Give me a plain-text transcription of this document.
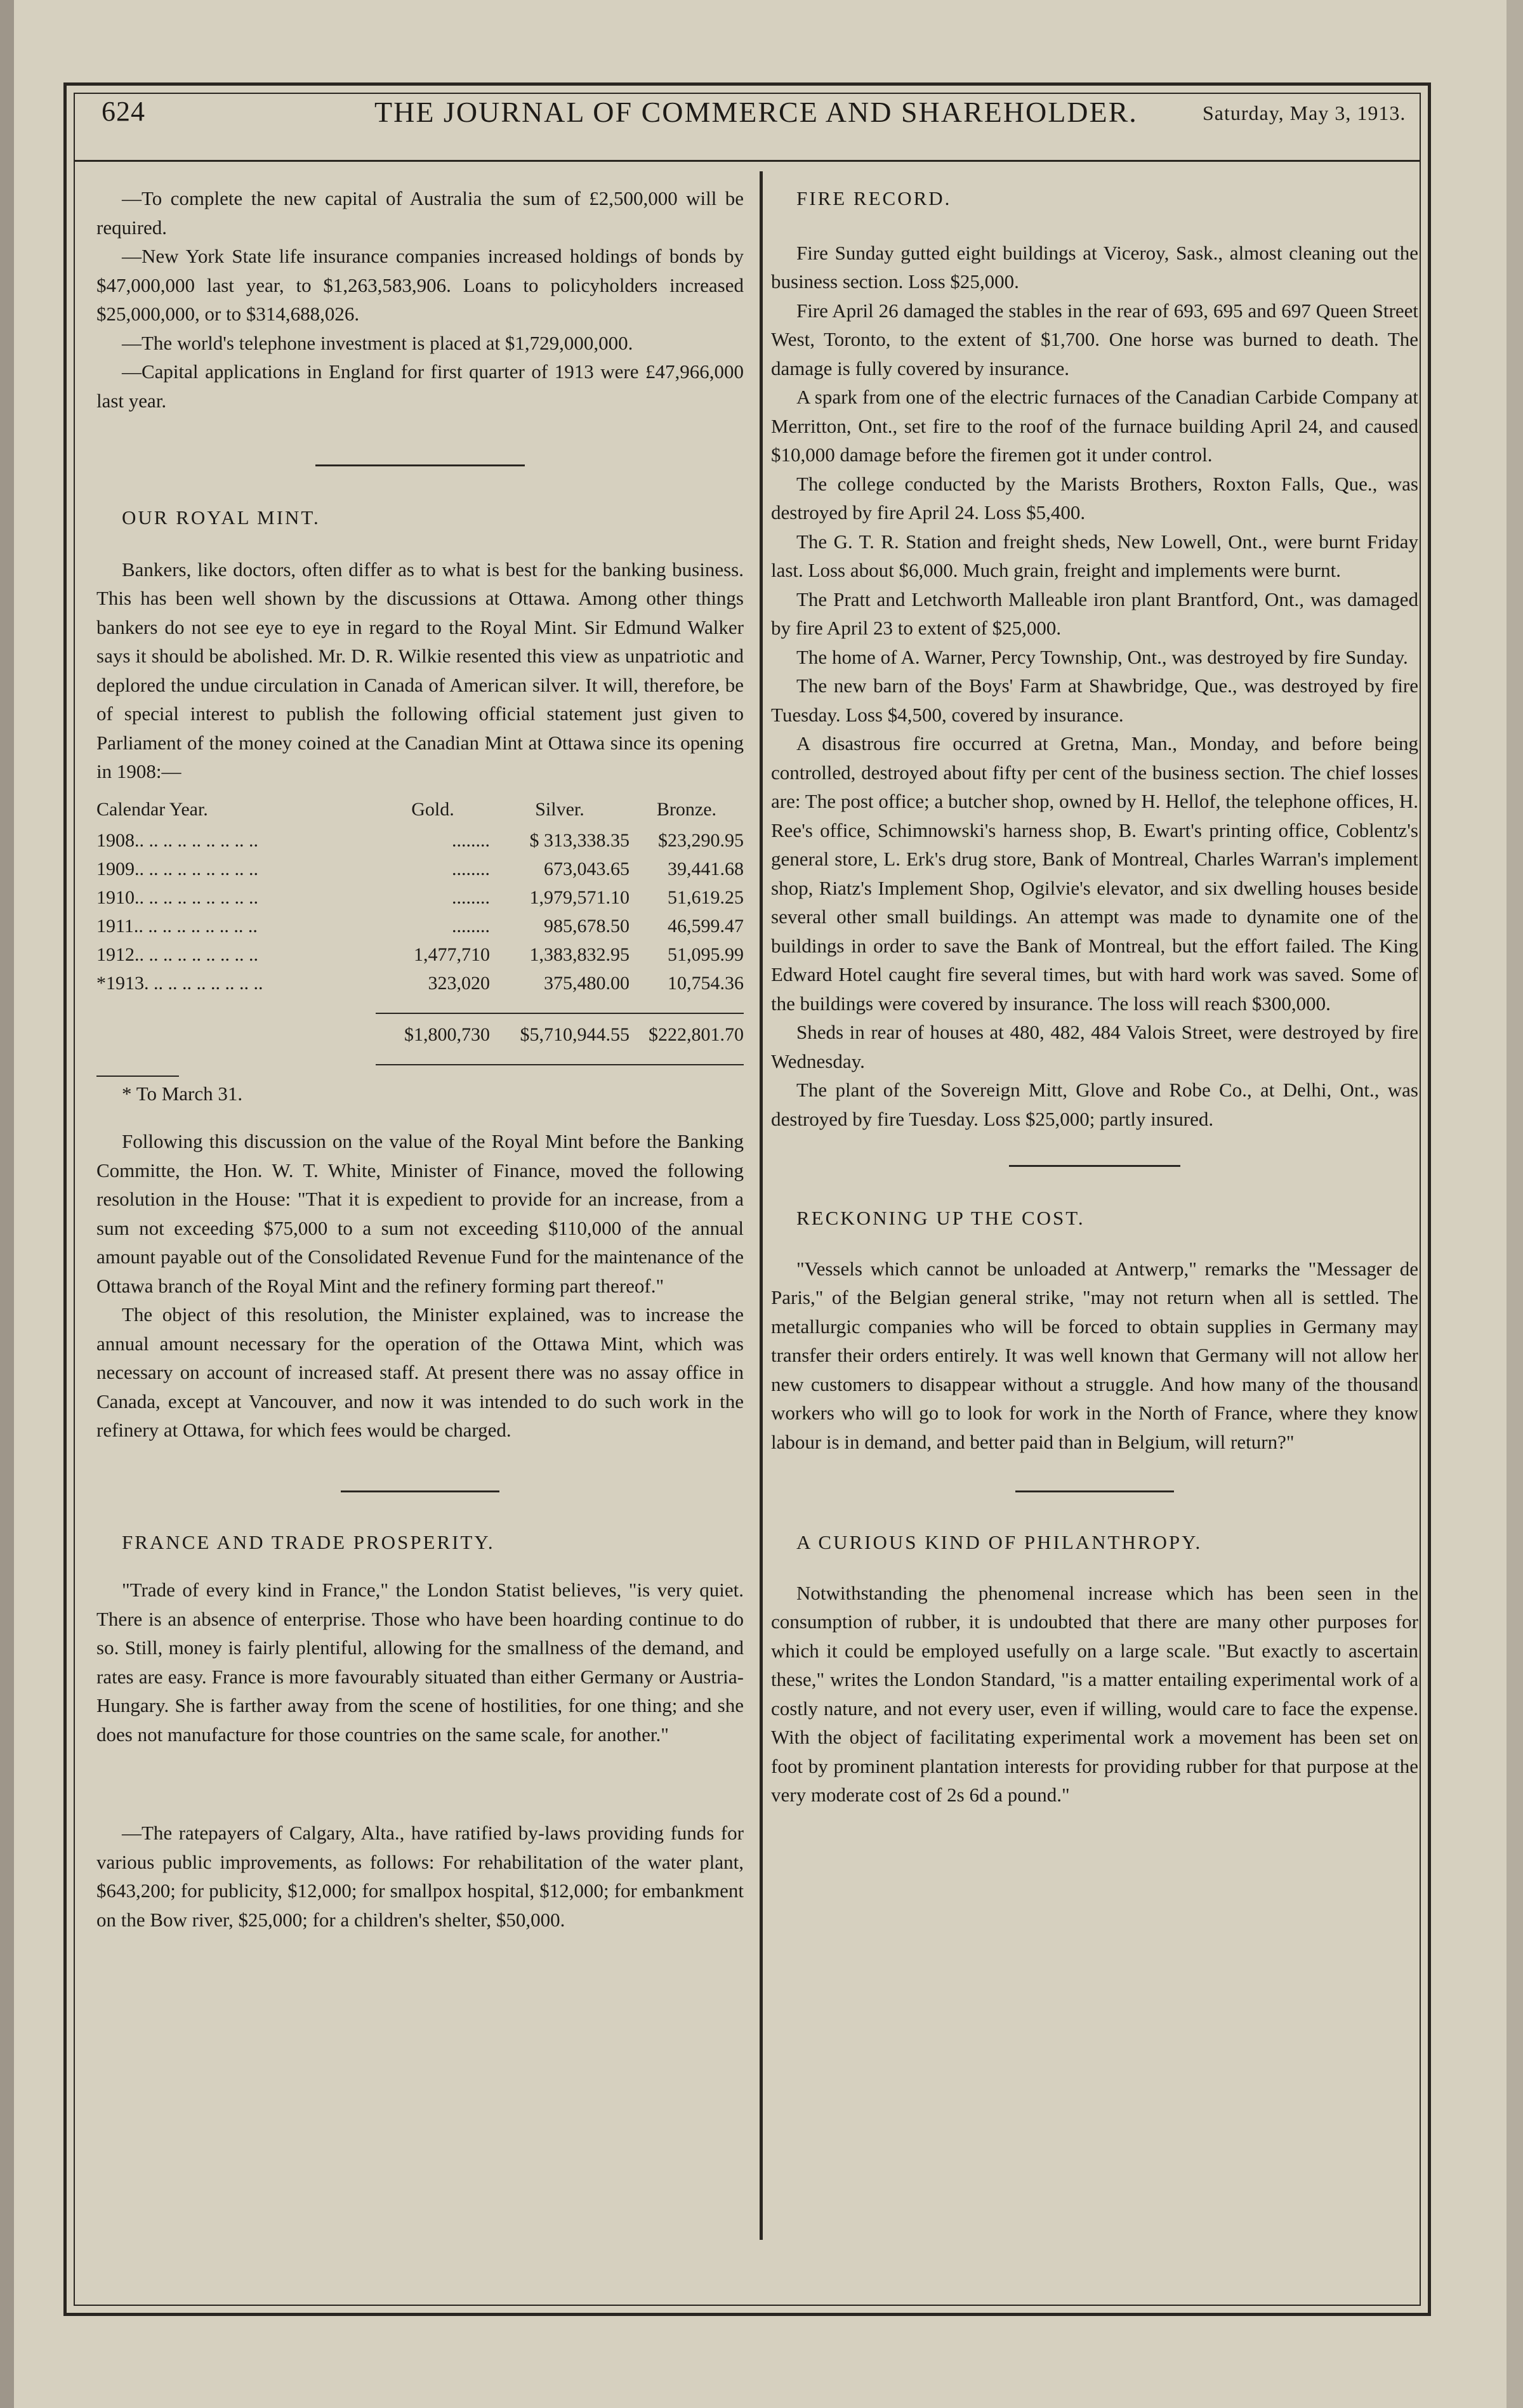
624	THE JOURNAL OF COMMERCE AND SHAREHOLDER.	Saturday, May 3, 1913.

—To complete the new capital of Australia the sum of £2,500,000 will be required.

—New York State life insurance companies increased holdings of bonds by $47,000,000 last year, to $1,263,583,906. Loans to policyholders increased $25,000,000, or to $314,688,026.

—The world's telephone investment is placed at $1,729,000,000.

—Capital applications in England for first quarter of 1913 were £47,966,000 last year.

OUR ROYAL MINT.

Bankers, like doctors, often differ as to what is best for the banking business. This has been well shown by the discussions at Ottawa. Among other things bankers do not see eye to eye in regard to the Royal Mint. Sir Edmund Walker says it should be abolished. Mr. D. R. Wilkie resented this view as unpatriotic and deplored the undue circulation in Canada of American silver. It will, therefore, be of special interest to publish the following official statement just given to Parliament of the money coined at the Canadian Mint at Ottawa since its opening in 1908:—

Calendar Year.	Gold.	Silver.	Bronze.
1908.. .. .. .. .. .. .. .. ..	........	$ 313,338.35	$23,290.95
1909.. .. .. .. .. .. .. .. ..	........	673,043.65	39,441.68
1910.. .. .. .. .. .. .. .. ..	........	1,979,571.10	51,619.25
1911.. .. .. .. .. .. .. .. ..	........	985,678.50	46,599.47
1912.. .. .. .. .. .. .. .. ..	1,477,710	1,383,832.95	51,095.99
*1913. .. .. .. .. .. .. .. ..	323,020	375,480.00	10,754.36

	$1,800,730	$5,710,944.55	$222,801.70

* To March 31.

Following this discussion on the value of the Royal Mint before the Banking Committe, the Hon. W. T. White, Minister of Finance, moved the following resolution in the House: "That it is expedient to provide for an increase, from a sum not exceeding $75,000 to a sum not exceeding $110,000 of the annual amount payable out of the Consolidated Revenue Fund for the maintenance of the Ottawa branch of the Royal Mint and the refinery forming part thereof."

The object of this resolution, the Minister explained, was to increase the annual amount necessary for the operation of the Ottawa Mint, which was necessary on account of increased staff. At present there was no assay office in Canada, except at Vancouver, and now it was intended to do such work in the refinery at Ottawa, for which fees would be charged.

FRANCE AND TRADE PROSPERITY.

"Trade of every kind in France," the London Statist believes, "is very quiet. There is an absence of enterprise. Those who have been hoarding continue to do so. Still, money is fairly plentiful, allowing for the smallness of the demand, and rates are easy. France is more favourably situated than either Germany or Austria-Hungary. She is farther away from the scene of hostilities, for one thing; and she does not manufacture for those countries on the same scale, for another."

—The ratepayers of Calgary, Alta., have ratified by-laws providing funds for various public improvements, as follows: For rehabilitation of the water plant, $643,200; for publicity, $12,000; for smallpox hospital, $12,000; for embankment on the Bow river, $25,000; for a children's shelter, $50,000.

FIRE RECORD.

Fire Sunday gutted eight buildings at Viceroy, Sask., almost cleaning out the business section. Loss $25,000.

Fire April 26 damaged the stables in the rear of 693, 695 and 697 Queen Street West, Toronto, to the extent of $1,700. One horse was burned to death. The damage is fully covered by insurance.

A spark from one of the electric furnaces of the Canadian Carbide Company at Merritton, Ont., set fire to the roof of the furnace building April 24, and caused $10,000 damage before the firemen got it under control.

The college conducted by the Marists Brothers, Roxton Falls, Que., was destroyed by fire April 24. Loss $5,400.

The G. T. R. Station and freight sheds, New Lowell, Ont., were burnt Friday last. Loss about $6,000. Much grain, freight and implements were burnt.

The Pratt and Letchworth Malleable iron plant Brantford, Ont., was damaged by fire April 23 to extent of $25,000.

The home of A. Warner, Percy Township, Ont., was destroyed by fire Sunday.

The new barn of the Boys' Farm at Shawbridge, Que., was destroyed by fire Tuesday. Loss $4,500, covered by insurance.

A disastrous fire occurred at Gretna, Man., Monday, and before being controlled, destroyed about fifty per cent of the business section. The chief losses are: The post office; a butcher shop, owned by H. Hellof, the telephone offices, H. Ree's office, Schimnowski's harness shop, B. Ewart's printing office, Coblentz's general store, L. Erk's drug store, Bank of Montreal, Charles Warran's implement shop, Riatz's Implement Shop, Ogilvie's elevator, and six dwelling houses beside several other small buildings. An attempt was made to dynamite one of the buildings in order to save the Bank of Montreal, but the effort failed. The King Edward Hotel caught fire several times, but with hard work was saved. Some of the buildings were covered by insurance. The loss will reach $300,000.

Sheds in rear of houses at 480, 482, 484 Valois Street, were destroyed by fire Wednesday.

The plant of the Sovereign Mitt, Glove and Robe Co., at Delhi, Ont., was destroyed by fire Tuesday. Loss $25,000; partly insured.

RECKONING UP THE COST.

"Vessels which cannot be unloaded at Antwerp," remarks the "Messager de Paris," of the Belgian general strike, "may not return when all is settled. The metallurgic companies who will be forced to obtain supplies in Germany may transfer their orders entirely. It was well known that Germany will not allow her new customers to disappear without a struggle. And how many of the thousand workers who will go to look for work in the North of France, where they know labour is in demand, and better paid than in Belgium, will return?"

A CURIOUS KIND OF PHILANTHROPY.

Notwithstanding the phenomenal increase which has been seen in the consumption of rubber, it is undoubted that there are many other purposes for which it could be employed usefully on a large scale. "But exactly to ascertain these," writes the London Standard, "is a matter entailing experimental work of a costly nature, and not every user, even if willing, would care to face the expense. With the object of facilitating experimental work a movement has been set on foot by prominent plantation interests for providing rubber for that purpose at the very moderate cost of 2s 6d a pound."
